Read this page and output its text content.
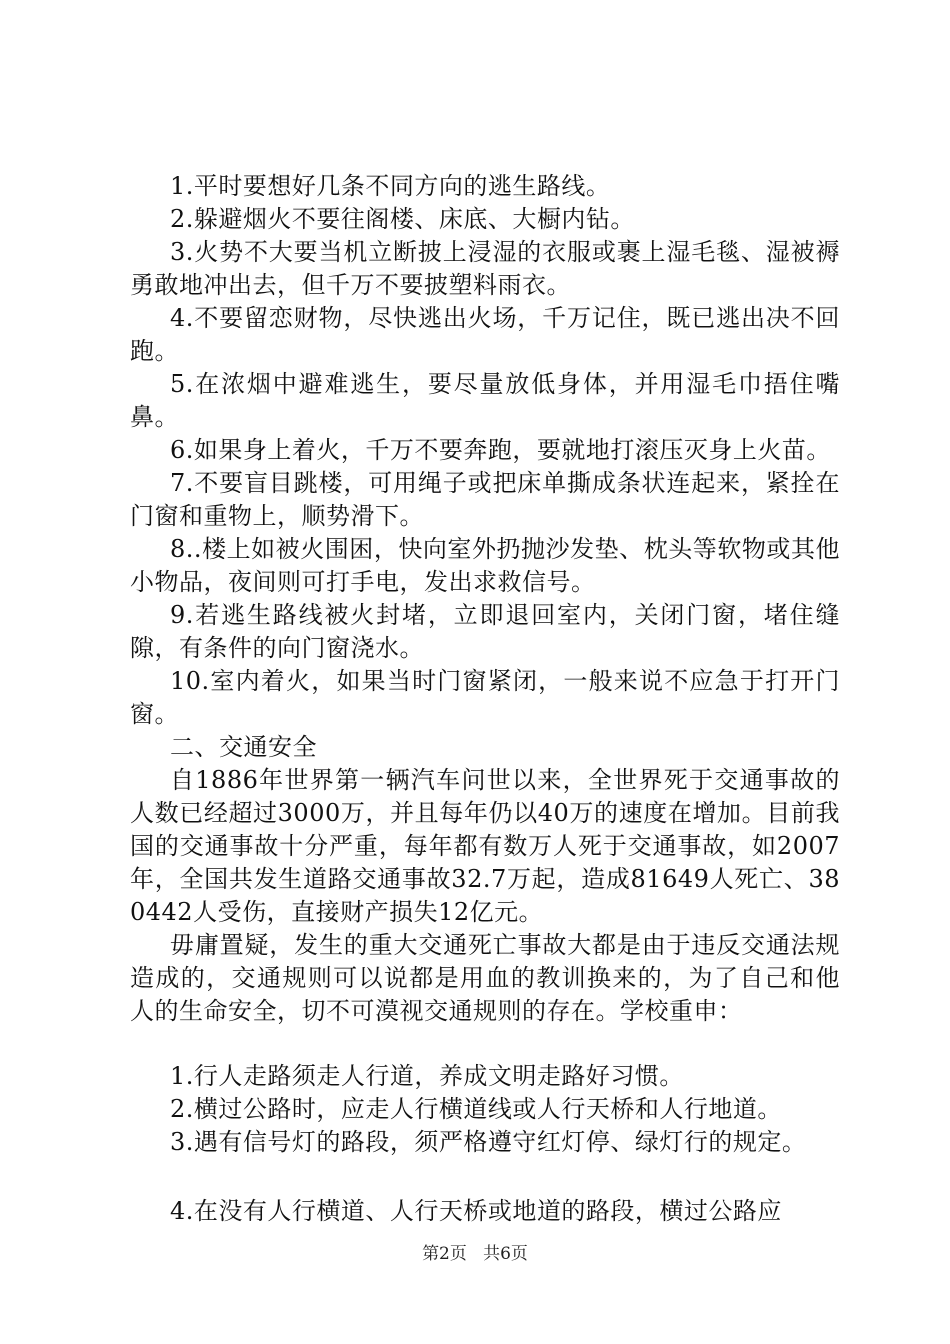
1.平时要想好几条不同方向的逃生路线。

2.躲避烟火不要往阁楼、床底、大橱内钻。

3.火势不大要当机立断披上浸湿的衣服或裹上湿毛毯、湿被褥勇敢地冲出去，但千万不要披塑料雨衣。

4.不要留恋财物，尽快逃出火场，千万记住，既已逃出决不回跑。

5.在浓烟中避难逃生，要尽量放低身体，并用湿毛巾捂住嘴鼻。

6.如果身上着火，千万不要奔跑，要就地打滚压灭身上火苗。

7.不要盲目跳楼，可用绳子或把床单撕成条状连起来，紧拴在门窗和重物上，顺势滑下。

8..楼上如被火围困，快向室外扔抛沙发垫、枕头等软物或其他小物品，夜间则可打手电，发出求救信号。

9.若逃生路线被火封堵，立即退回室内，关闭门窗，堵住缝隙，有条件的向门窗浇水。

10.室内着火，如果当时门窗紧闭，一般来说不应急于打开门窗。

二、交通安全

自1886年世界第一辆汽车问世以来，全世界死于交通事故的人数已经超过3000万，并且每年仍以40万的速度在增加。目前我国的交通事故十分严重，每年都有数万人死于交通事故，如2007年，全国共发生道路交通事故32.7万起，造成81649人死亡、380442人受伤，直接财产损失12亿元。

毋庸置疑，发生的重大交通死亡事故大都是由于违反交通法规造成的，交通规则可以说都是用血的教训换来的，为了自己和他人的生命安全，切不可漠视交通规则的存在。学校重申：

1.行人走路须走人行道，养成文明走路好习惯。

2.横过公路时，应走人行横道线或人行天桥和人行地道。

3.遇有信号灯的路段，须严格遵守红灯停、绿灯行的规定。

4.在没有人行横道、人行天桥或地道的路段，横过公路应

第2页 共6页
